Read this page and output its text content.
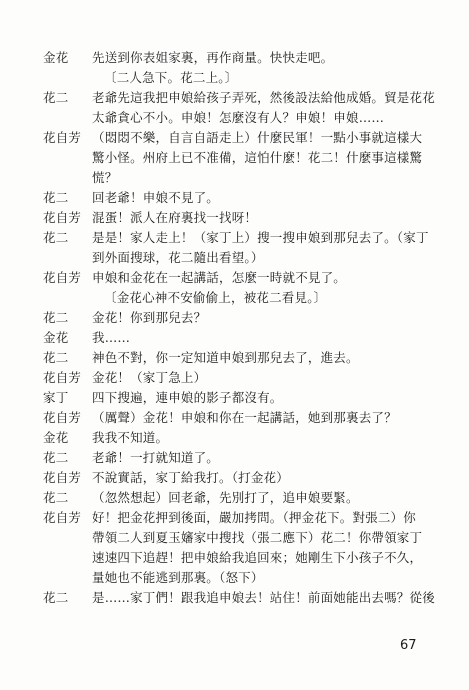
金花	先送到你表姐家裏，再作商量。快快走吧。
〔二人急下。花二上。〕
花二	老爺先這我把申娘給孩子弄死，然後設法給他成婚。貿是花花
太爺貪心不小。申娘！怎麼沒有人？申娘！申娘……
花自芳 （悶悶不樂，自言自語走上）什麼民軍！一點小事就這樣大
驚小怪。州府上已不准備，這怕什麼！花二！什麼事這樣驚
慌？
花二	回老爺！申娘不見了。
花自芳 混蛋！派人在府裏找一找呀！
花二	是是！家人走上！（家丁上）搜一搜申娘到那兒去了。（家丁
到外面搜球，花二隨出看望。）
花自芳 申娘和金花在一起講話，怎麼一時就不見了。
〔金花心神不安偷偷上，被花二看見。〕
花二	金花！你到那兒去？
金花	我……
花二	神色不對，你一定知道申娘到那兒去了，進去。
花自芳 金花！（家丁急上）
家丁	四下搜遍，連申娘的影子都沒有。
花自芳 （厲聲）金花！申娘和你在一起講話，她到那裏去了？
金花	我我不知道。
花二	老爺！一打就知道了。
花自芳 不說實話，家丁給我打。（打金花）
花二	（忽然想起）回老爺，先別打了，追申娘要緊。
花自芳 好！把金花押到後面，嚴加拷問。（押金花下。對張二）你
帶領二人到夏玉嬸家中搜找（張二應下）花二！你帶領家丁
速速四下追趕！把申娘給我追回來；她剛生下小孩子不久，
量她也不能逃到那裏。（怒下）
花二	是……家丁們！跟我追申娘去！站住！前面她能出去嗎？從後
67
